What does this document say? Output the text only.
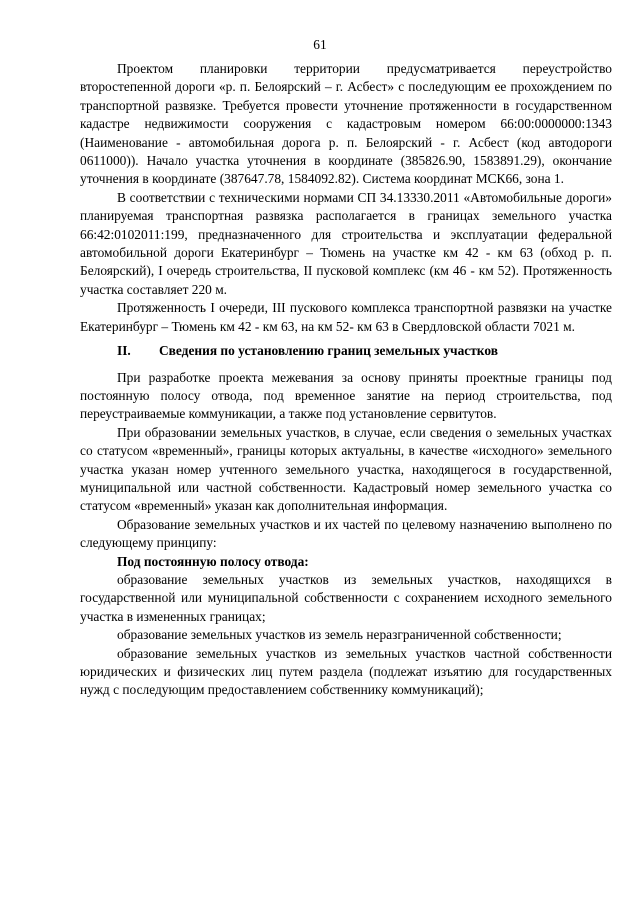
61

Проектом планировки территории предусматривается переустройство второстепенной дороги «р. п. Белоярский – г. Асбест» с последующим ее прохождением по транспортной развязке. Требуется провести уточнение протяженности в государственном кадастре недвижимости сооружения с кадастровым номером 66:00:0000000:1343 (Наименование - автомобильная дорога р. п. Белоярский - г. Асбест (код автодороги 0611000)). Начало участка уточнения в координате (385826.90, 1583891.29), окончание уточнения в координате (387647.78, 1584092.82). Система координат МСК66, зона 1.

В соответствии с техническими нормами СП 34.13330.2011 «Автомобильные дороги» планируемая транспортная развязка располагается в границах земельного участка 66:42:0102011:199, предназначенного для строительства и эксплуатации федеральной автомобильной дороги Екатеринбург – Тюмень на участке км 42 - км 63 (обход р. п. Белоярский), I очередь строительства, II пусковой комплекс (км 46 - км 52). Протяженность участка составляет 220 м.

Протяженность I очереди, III пускового комплекса транспортной развязки на участке Екатеринбург – Тюмень км 42 - км 63, на км 52- км 63 в Свердловской области 7021 м.

II. Сведения по установлению границ земельных участков

При разработке проекта межевания за основу приняты проектные границы под постоянную полосу отвода, под временное занятие на период строительства, под переустраиваемые коммуникации, а также под установление сервитутов.

При образовании земельных участков, в случае, если сведения о земельных участках со статусом «временный», границы которых актуальны, в качестве «исходного» земельного участка указан номер учтенного земельного участка, находящегося в государственной, муниципальной или частной собственности. Кадастровый номер земельного участка со статусом «временный» указан как дополнительная информация.

Образование земельных участков и их частей по целевому назначению выполнено по следующему принципу:

Под постоянную полосу отвода:

образование земельных участков из земельных участков, находящихся в государственной или муниципальной собственности с сохранением исходного земельного участка в измененных границах;

образование земельных участков из земель неразграниченной собственности;

образование земельных участков из земельных участков частной собственности юридических и физических лиц путем раздела (подлежат изъятию для государственных нужд с последующим предоставлением собственнику коммуникаций);
